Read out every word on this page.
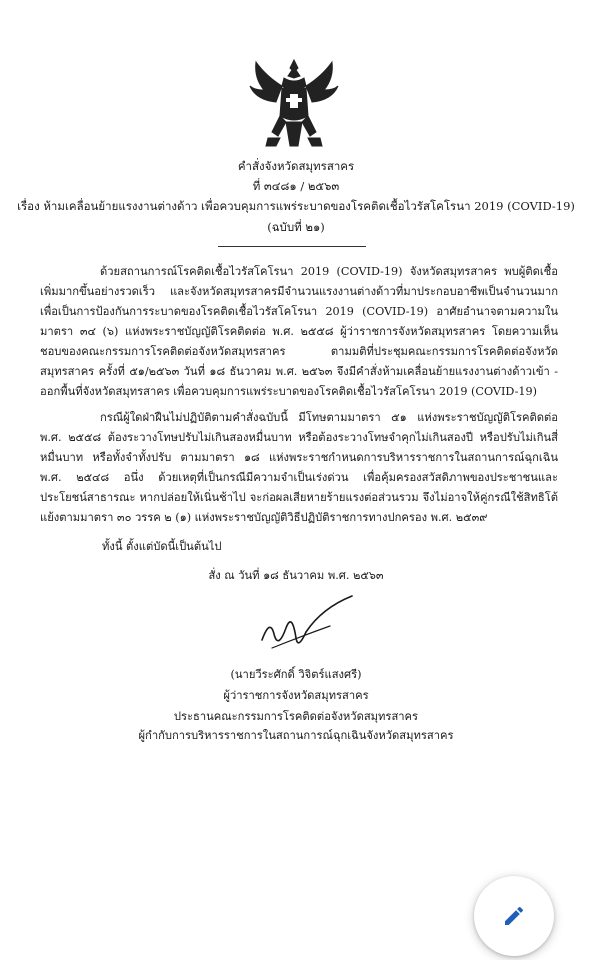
คำสั่งจังหวัดสมุทรสาคร
ที่ ๓๔๘๑ / ๒๕๖๓
เรื่อง ห้ามเคลื่อนย้ายแรงงานต่างด้าว เพื่อควบคุมการแพร่ระบาดของโรคติดเชื้อไวรัสโคโรนา 2019 (COVID-19)
(ฉบับที่ ๒๑)
ด้วยสถานการณ์โรคติดเชื้อไวรัสโคโรนา 2019 (COVID-19) จังหวัดสมุทรสาคร พบผู้ติดเชื้อเพิ่มมากขึ้นอย่างรวดเร็ว และจังหวัดสมุทรสาครมีจำนวนแรงงานต่างด้าวที่มาประกอบอาชีพเป็นจำนวนมาก เพื่อเป็นการป้องกันการระบาดของโรคติดเชื้อไวรัสโคโรนา 2019 (COVID-19) อาศัยอำนาจตามความในมาตรา ๓๔ (๖) แห่งพระราชบัญญัติโรคติดต่อ พ.ศ. ๒๕๕๘ ผู้ว่าราชการจังหวัดสมุทรสาคร โดยความเห็นชอบของคณะกรรมการโรคติดต่อจังหวัดสมุทรสาคร ตามมติที่ประชุมคณะกรรมการโรคติดต่อจังหวัดสมุทรสาคร ครั้งที่ ๕๑/๒๕๖๓ วันที่ ๑๘ ธันวาคม พ.ศ. ๒๕๖๓ จึงมีคำสั่งห้ามเคลื่อนย้ายแรงงานต่างด้าวเข้า - ออกพื้นที่จังหวัดสมุทรสาคร เพื่อควบคุมการแพร่ระบาดของโรคติดเชื้อไวรัสโคโรนา 2019 (COVID-19)
กรณีผู้ใดฝ่าฝืนไม่ปฏิบัติตามคำสั่งฉบับนี้ มีโทษตามมาตรา ๕๑ แห่งพระราชบัญญัติโรคติดต่อ พ.ศ. ๒๕๕๘ ต้องระวางโทษปรับไม่เกินสองหมื่นบาท หรือต้องระวางโทษจำคุกไม่เกินสองปี หรือปรับไม่เกินสี่หมื่นบาท หรือทั้งจำทั้งปรับ ตามมาตรา ๑๘ แห่งพระราชกำหนดการบริหารราชการในสถานการณ์ฉุกเฉิน พ.ศ. ๒๕๔๘ อนึ่ง ด้วยเหตุที่เป็นกรณีมีความจำเป็นเร่งด่วน เพื่อคุ้มครองสวัสดิภาพของประชาชนและประโยชน์สาธารณะ หากปล่อยให้เนิ่นช้าไป จะก่อผลเสียหายร้ายแรงต่อส่วนรวม จึงไม่อาจให้คู่กรณีใช้สิทธิโต้แย้งตามมาตรา ๓๐ วรรค ๒ (๑) แห่งพระราชบัญญัติวิธีปฏิบัติราชการทางปกครอง พ.ศ. ๒๕๓๙
ทั้งนี้ ตั้งแต่บัดนี้เป็นต้นไป
สั่ง ณ วันที่ ๑๘ ธันวาคม พ.ศ. ๒๕๖๓
(นายวีระศักดิ์ วิจิตร์แสงศรี)
ผู้ว่าราชการจังหวัดสมุทรสาคร
ประธานคณะกรรมการโรคติดต่อจังหวัดสมุทรสาคร
ผู้กำกับการบริหารราชการในสถานการณ์ฉุกเฉินจังหวัดสมุทรสาคร
